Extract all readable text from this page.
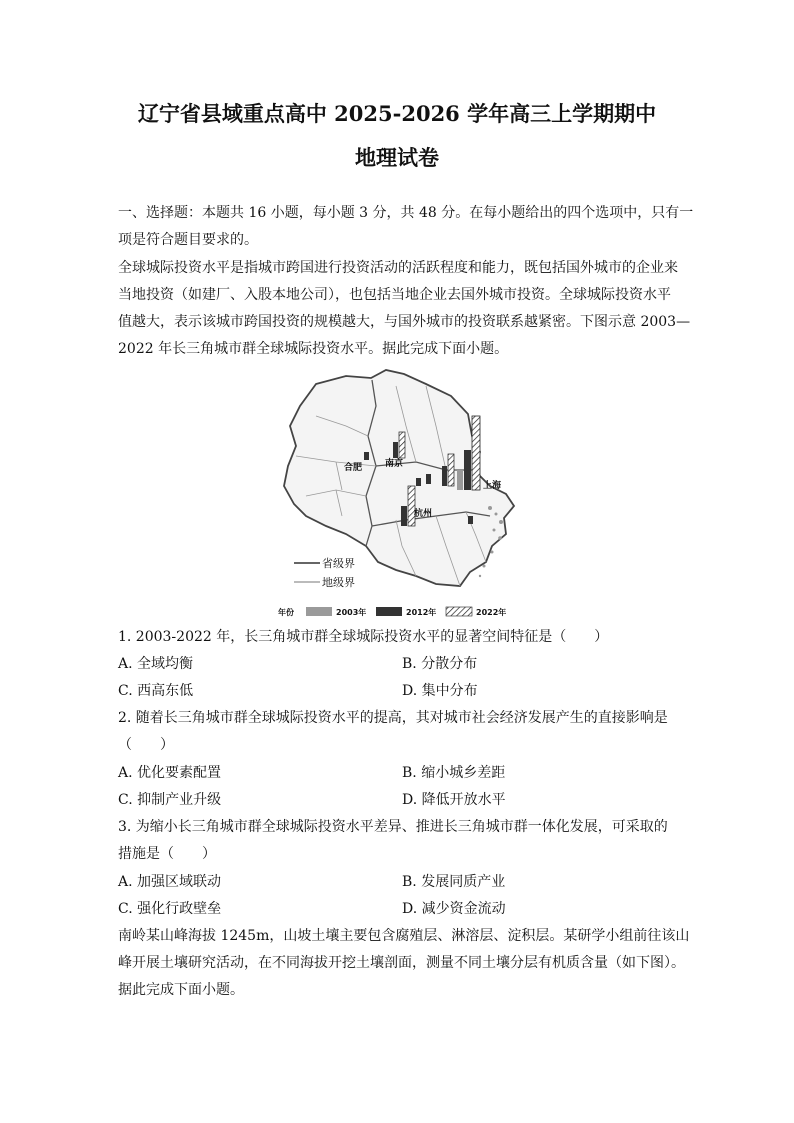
辽宁省县域重点高中 2025-2026 学年高三上学期期中
地理试卷
一、选择题：本题共 16 小题，每小题 3 分，共 48 分。在每小题给出的四个选项中，只有一
项是符合题目要求的。
全球城际投资水平是指城市跨国进行投资活动的活跃程度和能力，既包括国外城市的企业来
当地投资（如建厂、入股本地公司），也包括当地企业去国外城市投资。全球城际投资水平
值越大，表示该城市跨国投资的规模越大，与国外城市的投资联系越紧密。下图示意 2003—
2022 年长三角城市群全球城际投资水平。据此完成下面小题。
合肥	南京
上海
杭州
省级界
地级界
年份	2003年	2012年	2022年
1. 2003-2022 年，长三角城市群全球城际投资水平的显著空间特征是（　　）
A. 全域均衡	B. 分散分布
C. 西高东低	D. 集中分布
2. 随着长三角城市群全球城际投资水平的提高，其对城市社会经济发展产生的直接影响是
（　　）
A. 优化要素配置	B. 缩小城乡差距
C. 抑制产业升级	D. 降低开放水平
3. 为缩小长三角城市群全球城际投资水平差异、推进长三角城市群一体化发展，可采取的
措施是（　　）
A. 加强区域联动	B. 发展同质产业
C. 强化行政壁垒	D. 减少资金流动
南岭某山峰海拔 1245m，山坡土壤主要包含腐殖层、淋溶层、淀积层。某研学小组前往该山
峰开展土壤研究活动，在不同海拔开挖土壤剖面，测量不同土壤分层有机质含量（如下图）。
据此完成下面小题。
